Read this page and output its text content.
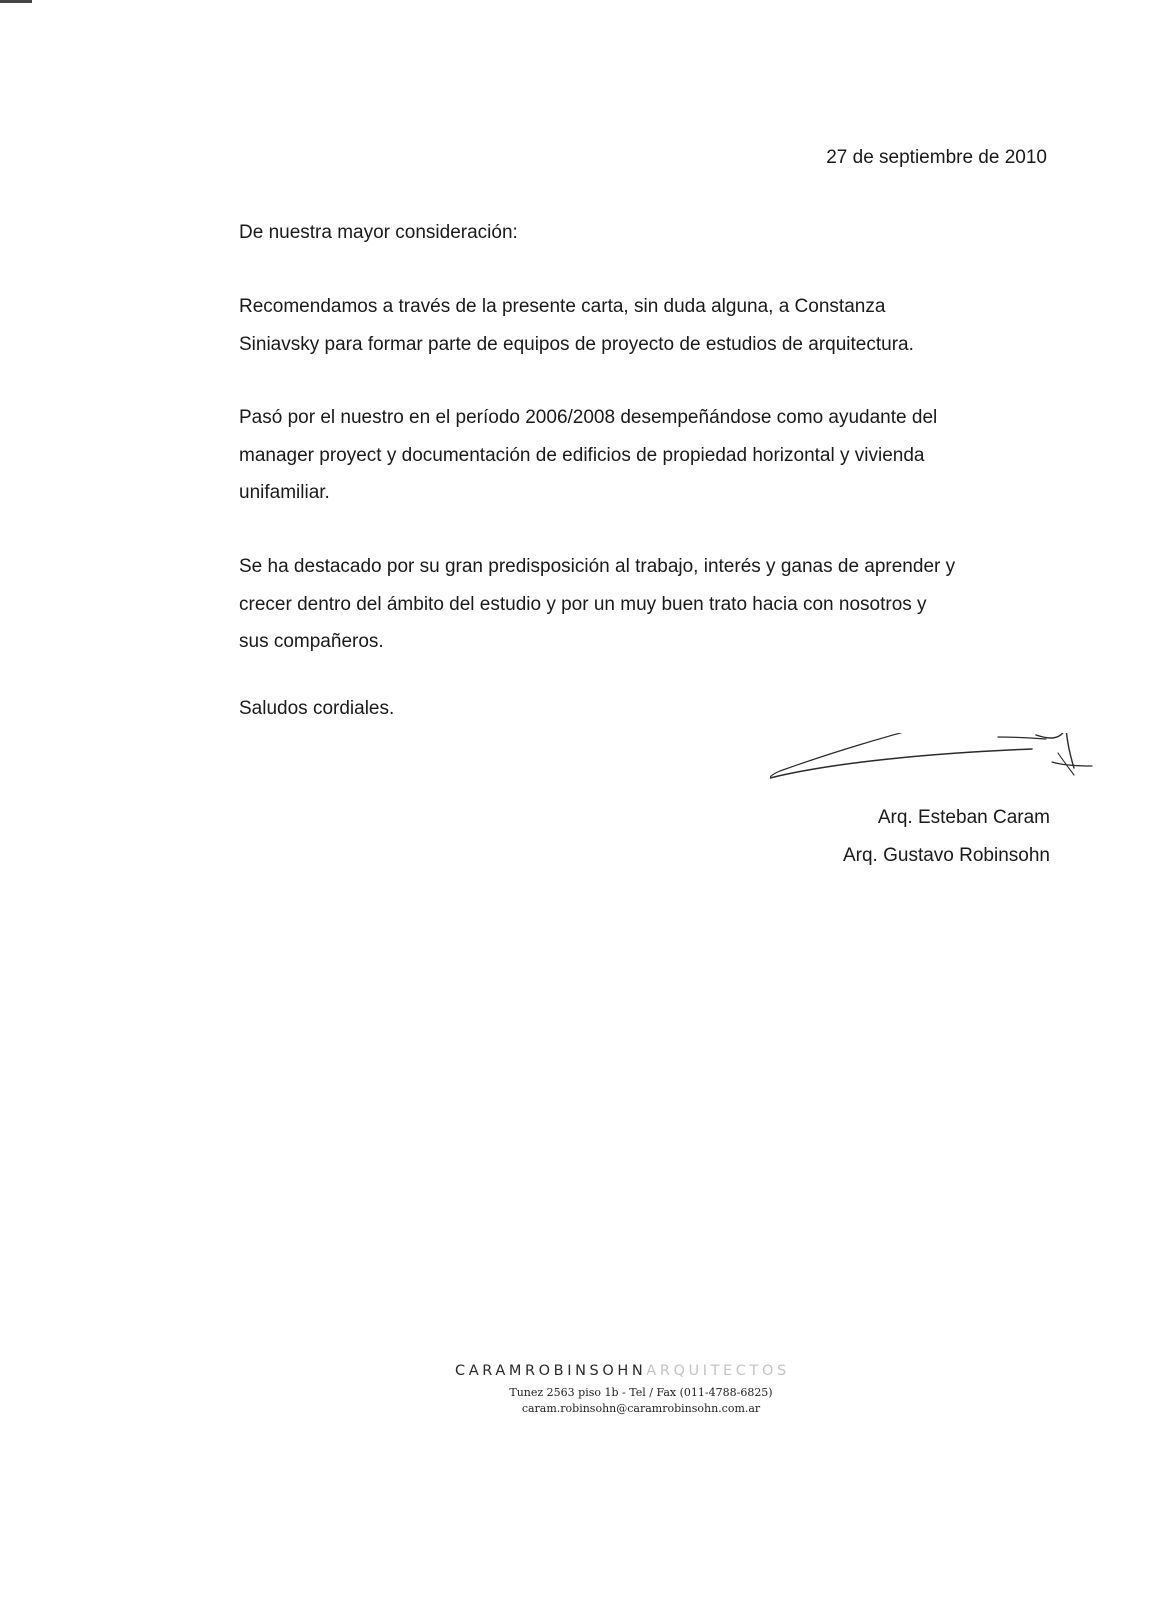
27 de septiembre de 2010
De nuestra mayor consideración:
Recomendamos a través de la presente carta, sin duda alguna, a Constanza
Siniavsky para formar parte de equipos de proyecto de estudios de arquitectura.
Pasó por el nuestro en el período 2006/2008 desempeñándose como ayudante del
manager proyect y documentación de edificios de propiedad horizontal y vivienda
unifamiliar.
Se ha destacado por su gran predisposición al trabajo, interés y ganas de aprender y
crecer dentro del ámbito del estudio y por un muy buen trato hacia con nosotros y
sus compañeros.
Saludos cordiales.
Arq. Esteban Caram
Arq. Gustavo Robinsohn
CARAMROBINSOHNARQUITECTOS
Tunez 2563 piso 1b - Tel / Fax (011-4788-6825)
caram.robinsohn@caramrobinsohn.com.ar
